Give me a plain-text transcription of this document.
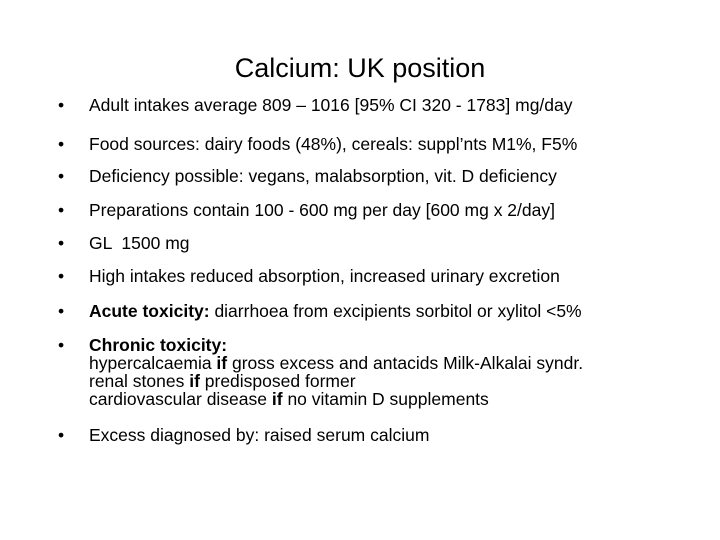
Calcium: UK position
• Adult intakes average 809 – 1016 [95% CI 320 - 1783] mg/day
• Food sources: dairy foods (48%), cereals: suppl’nts M1%, F5%
• Deficiency possible: vegans, malabsorption, vit. D deficiency
• Preparations contain 100 - 600 mg per day [600 mg x 2/day]
• GL  1500 mg
• High intakes reduced absorption, increased urinary excretion
• Acute toxicity: diarrhoea from excipients sorbitol or xylitol <5%
• Chronic toxicity:
hypercalcaemia if gross excess and antacids Milk-Alkalai syndr.
renal stones if predisposed former
cardiovascular disease if no vitamin D supplements
• Excess diagnosed by: raised serum calcium
